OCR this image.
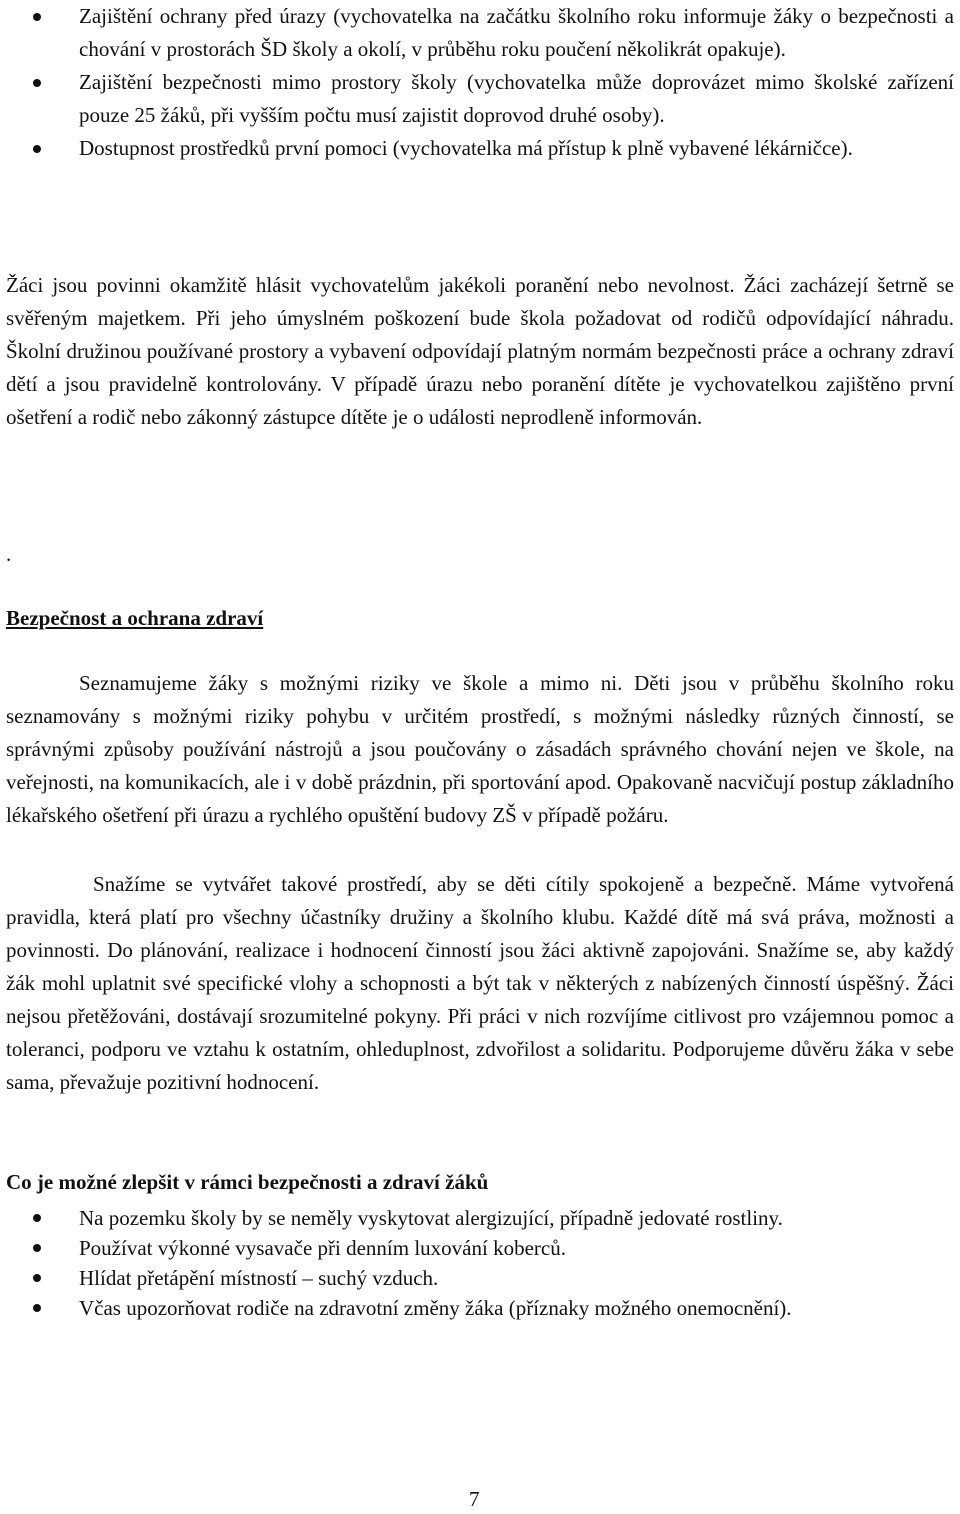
Zajištění ochrany před úrazy (vychovatelka na začátku školního roku informuje žáky o bezpečnosti a chování v prostorách ŠD školy a okolí, v průběhu roku poučení několikrát opakuje).
Zajištění bezpečnosti mimo prostory školy (vychovatelka může doprovázet mimo školské zařízení pouze 25 žáků, při vyšším počtu musí zajistit doprovod druhé osoby).
Dostupnost prostředků první pomoci (vychovatelka má přístup k plně vybavené lékárničce).

Žáci jsou povinni okamžitě hlásit vychovatelům jakékoli poranění nebo nevolnost. Žáci zacházejí šetrně se svěřeným majetkem. Při jeho úmyslném poškození bude škola požadovat od rodičů odpovídající náhradu. Školní družinou používané prostory a vybavení odpovídají platným normám bezpečnosti práce a ochrany zdraví dětí a jsou pravidelně kontrolovány. V případě úrazu nebo poranění dítěte je vychovatelkou zajištěno první ošetření a rodič nebo zákonný zástupce dítěte je o události neprodleně informován.

.
Bezpečnost a ochrana zdraví

Seznamujeme žáky s možnými riziky ve škole a mimo ni. Děti jsou v průběhu školního roku seznamovány s možnými riziky pohybu v určitém prostředí, s možnými následky různých činností, se správnými způsoby používání nástrojů a jsou poučovány o zásadách správného chování nejen ve škole, na veřejnosti, na komunikacích, ale i v době prázdnin, při sportování apod. Opakovaně nacvičují postup základního lékařského ošetření při úrazu a rychlého opuštění budovy ZŠ v případě požáru.

Snažíme se vytvářet takové prostředí, aby se děti cítily spokojeně a bezpečně. Máme vytvořená pravidla, která platí pro všechny účastníky družiny a školního klubu. Každé dítě má svá práva, možnosti a povinnosti. Do plánování, realizace i hodnocení činností jsou žáci aktivně zapojováni. Snažíme se, aby každý žák mohl uplatnit své specifické vlohy a schopnosti a být tak v některých z nabízených činností úspěšný. Žáci nejsou přetěžováni, dostávají srozumitelné pokyny. Při práci v nich rozvíjíme citlivost pro vzájemnou pomoc a toleranci, podporu ve vztahu k ostatním, ohleduplnost, zdvořilost a solidaritu. Podporujeme důvěru žáka v sebe sama, převažuje pozitivní hodnocení.

Co je možné zlepšit v rámci bezpečnosti a zdraví žáků
Na pozemku školy by se neměly vyskytovat alergizující, případně jedovaté rostliny.
Používat výkonné vysavače při denním luxování koberců.
Hlídat přetápění místností – suchý vzduch.
Včas upozorňovat rodiče na zdravotní změny žáka (příznaky možného onemocnění).
7
